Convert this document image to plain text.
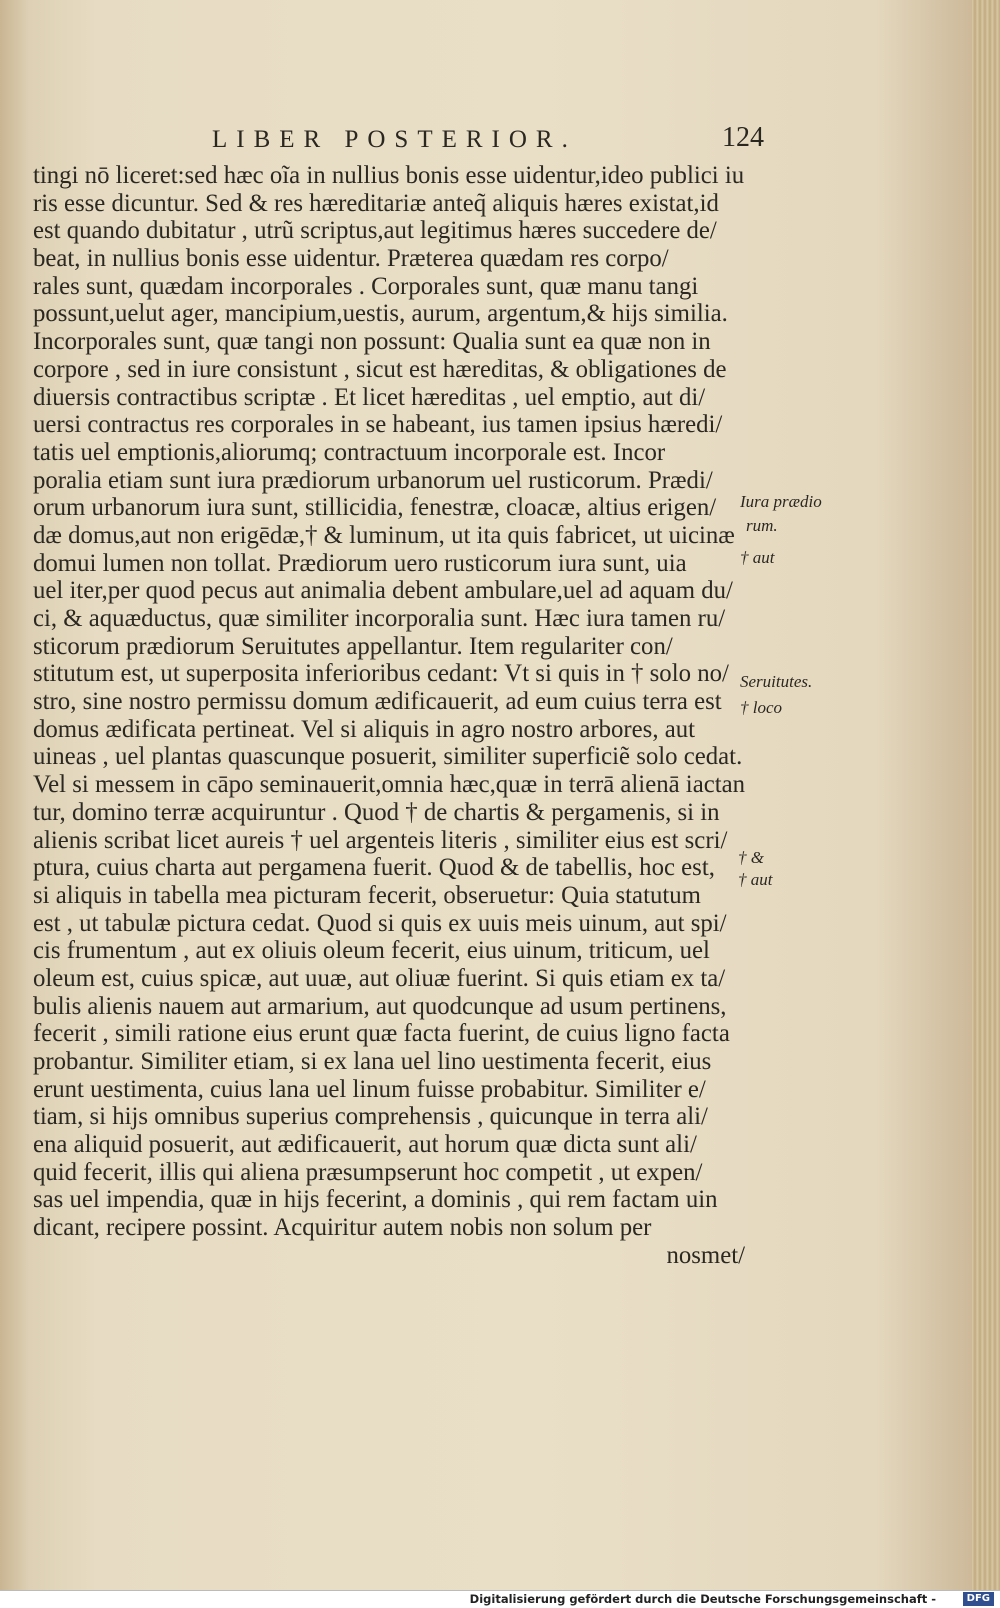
LIBER POSTERIOR.	124
tingi nō liceret:sed hæc oĩa in nullius bonis esse uidentur,ideo publici iu
ris esse dicuntur. Sed & res hæreditariæ anteq̃ aliquis hæres existat,id
est quando dubitatur , utrũ scriptus,aut legitimus hæres succedere de/
beat, in nullius bonis esse uidentur. Præterea quædam res corpo/
rales sunt, quædam incorporales . Corporales sunt, quæ manu tangi
possunt,uelut ager, mancipium,uestis, aurum, argentum,& hijs similia.
Incorporales sunt, quæ tangi non possunt: Qualia sunt ea quæ non in
corpore , sed in iure consistunt , sicut est hæreditas, & obligationes de
diuersis contractibus scriptæ . Et licet hæreditas , uel emptio, aut di/
uersi contractus res corporales in se habeant, ius tamen ipsius hæredi/
tatis uel emptionis,aliorumq; contractuum incorporale est. Incor
poralia etiam sunt iura prædiorum urbanorum uel rusticorum. Prædi/
orum urbanorum iura sunt, stillicidia, fenestræ, cloacæ, altius erigen/
dæ domus,aut non erigēdæ,† & luminum, ut ita quis fabricet, ut uicinæ
domui lumen non tollat. Prædiorum uero rusticorum iura sunt, uia
uel iter,per quod pecus aut animalia debent ambulare,uel ad aquam du/
ci, & aquæductus, quæ similiter incorporalia sunt. Hæc iura tamen ru/
sticorum prædiorum Seruitutes appellantur. Item regulariter con/
stitutum est, ut superposita inferioribus cedant: Vt si quis in † solo no/
stro, sine nostro permissu domum ædificauerit, ad eum cuius terra est
domus ædificata pertineat. Vel si aliquis in agro nostro arbores, aut
uineas , uel plantas quascunque posuerit, similiter superficiẽ solo cedat.
Vel si messem in cāpo seminauerit,omnia hæc,quæ in terrā alienā iactan
tur, domino terræ acquiruntur . Quod † de chartis & pergamenis, si in
alienis scribat licet aureis † uel argenteis literis , similiter eius est scri/
ptura, cuius charta aut pergamena fuerit. Quod & de tabellis, hoc est,
si aliquis in tabella mea picturam fecerit, obseruetur: Quia statutum
est , ut tabulæ pictura cedat. Quod si quis ex uuis meis uinum, aut spi/
cis frumentum , aut ex oliuis oleum fecerit, eius uinum, triticum, uel
oleum est, cuius spicæ, aut uuæ, aut oliuæ fuerint. Si quis etiam ex ta/
bulis alienis nauem aut armarium, aut quodcunque ad usum pertinens,
fecerit , simili ratione eius erunt quæ facta fuerint, de cuius ligno facta
probantur. Similiter etiam, si ex lana uel lino uestimenta fecerit, eius
erunt uestimenta, cuius lana uel linum fuisse probabitur. Similiter e/
tiam, si hijs omnibus superius comprehensis , quicunque in terra ali/
ena aliquid posuerit, aut ædificauerit, aut horum quæ dicta sunt ali/
quid fecerit, illis qui aliena præsumpserunt hoc competit , ut expen/
sas uel impendia, quæ in hijs fecerint, a dominis , qui rem factam uin
dicant, recipere possint. Acquiritur autem nobis non solum per
nosmet/
Iura prædio
rum.
† aut
Seruitutes.
† loco
† &
† aut
Digitalisierung gefördert durch die Deutsche Forschungsgemeinschaft -	DFG
